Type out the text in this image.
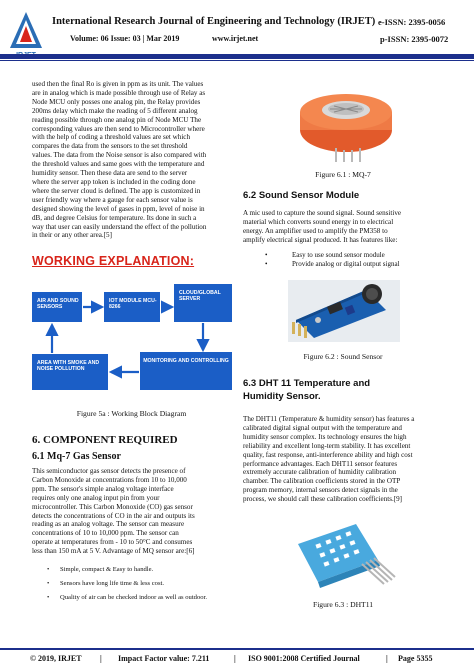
International Research Journal of Engineering and Technology (IRJET) e-ISSN: 2395-0056
Volume: 06 Issue: 03 | Mar 2019	www.irjet.net	p-ISSN: 2395-0072
used then the final Ro is given in ppm as its unit. The values
are in analog which is made possible through use of Relay as
Node MCU only posses one analog pin, the Relay provides
200ms delay which make the reading of 5 different analog
reading possible through one analog pin of Node MCU The
corresponding values are then send to Microcontroller where
with the help of coding a threshold values are set which
compares the data from the sensors to the set threshold
values. The data from the Noise sensor is also compared with
the threshold values and same goes with the temperature and
humidity sensor. Then these data are send to the server
where the server app token is included in the coding done
where the server cloud is defined. The app is customized in
user friendly way where a gauge for each sensor value is
designed showing the level of gases in ppm, level of noise in
dB, and degree Celsius for temperature. Its done in such a
way that user can easily understand the effect of the pollution
in their or any other area.[5]
WORKING EXPLANATION:
AIR AND SOUND SENSORS
IOT MODULE MCU-8266
CLOUD/GLOBAL SERVER
AREA WITH SMOKE AND NOISE POLLUTION
MONITORING AND CONTROLLING
Figure 5a : Working Block Diagram
6. COMPONENT REQUIRED
6.1 Mq-7 Gas Sensor
This semiconductor gas sensor detects the presence of
Carbon Monoxide at concentrations from 10 to 10,000
ppm. The sensor's simple analog voltage interface
requires only one analog input pin from your
microcontroller. This Carbon Monoxide (CO) gas sensor
detects the concentrations of CO in the air and outputs its
reading as an analog voltage. The sensor can measure
concentrations of 10 to 10,000 ppm. The sensor can
operate at temperatures from - 10 to 50°C and consumes
less than 150 mA at 5 V. Advantage of MQ sensor are:[6]
• Simple, compact & Easy to handle.
• Sensors have long life time & less cost.
• Quality of air can be checked indoor as well as outdoor.
Figure 6.1 : MQ-7
6.2 Sound Sensor Module
A mic used to capture the sound signal. Sound sensitive
material which converts sound energy in to electrical
energy. An amplifier used to amplify the PM358 to
amplify electrical signal produced. It has features like:
•	Easy to use sound sensor module
•	Provide analog or digital output signal
Figure 6.2 : Sound Sensor
6.3 DHT 11 Temperature and
Humidity Sensor.
The DHT11 (Temperature & humidity sensor) has features a
calibrated digital signal output with the temperature and
humidity sensor complex. Its technology ensures the high
reliability and excellent long-term stability. It has excellent
quality, fast response, anti-interference ability and high cost
performance advantages. Each DHT11 sensor features
extremely accurate calibration of humidity calibration
chamber. The calibration coefficients stored in the OTP
program memory, internal sensors detect signals in the
process, we should call these calibration coefficients.[9]
Figure 6.3 : DHT11
© 2019, IRJET | Impact Factor value: 7.211	| ISO 9001:2008 Certified Journal	| Page 5355
